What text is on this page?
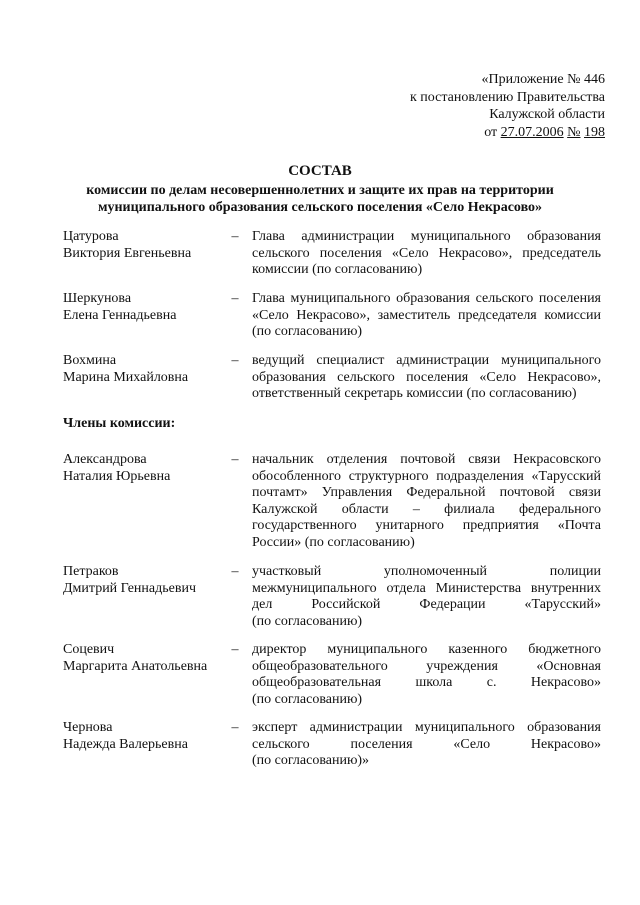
«Приложение № 446
к постановлению Правительства
Калужской области
от 27.07.2006 № 198
СОСТАВ
комиссии по делам несовершеннолетних и защите их прав на территории
муниципального образования сельского поселения «Село Некрасово»
Цатурова
Виктория Евгеньевна
– Глава администрации муниципального образования
сельского поселения «Село Некрасово», председатель
комиссии (по согласованию)
Шеркунова
Елена Геннадьевна
– Глава муниципального образования сельского поселения
«Село Некрасово», заместитель председателя комиссии
(по согласованию)
Вохмина
Марина Михайловна
– ведущий специалист администрации муниципального
образования сельского поселения «Село Некрасово»,
ответственный секретарь комиссии (по согласованию)
Члены комиссии:
Александрова
Наталия Юрьевна
– начальник отделения почтовой связи Некрасовского
обособленного структурного подразделения «Тарусский
почтамт» Управления Федеральной почтовой связи
Калужской области – филиала федерального
государственного унитарного предприятия «Почта
России» (по согласованию)
Петраков
Дмитрий Геннадьевич
– участковый уполномоченный полиции
межмуниципального отдела Министерства внутренних
дел Российской Федерации «Тарусский»
(по согласованию)
Соцевич
Маргарита Анатольевна
– директор муниципального казенного бюджетного
общеобразовательного учреждения «Основная
общеобразовательная школа с. Некрасово»
(по согласованию)
Чернова
Надежда Валерьевна
– эксперт администрации муниципального образования
сельского поселения «Село Некрасово»
(по согласованию)»
